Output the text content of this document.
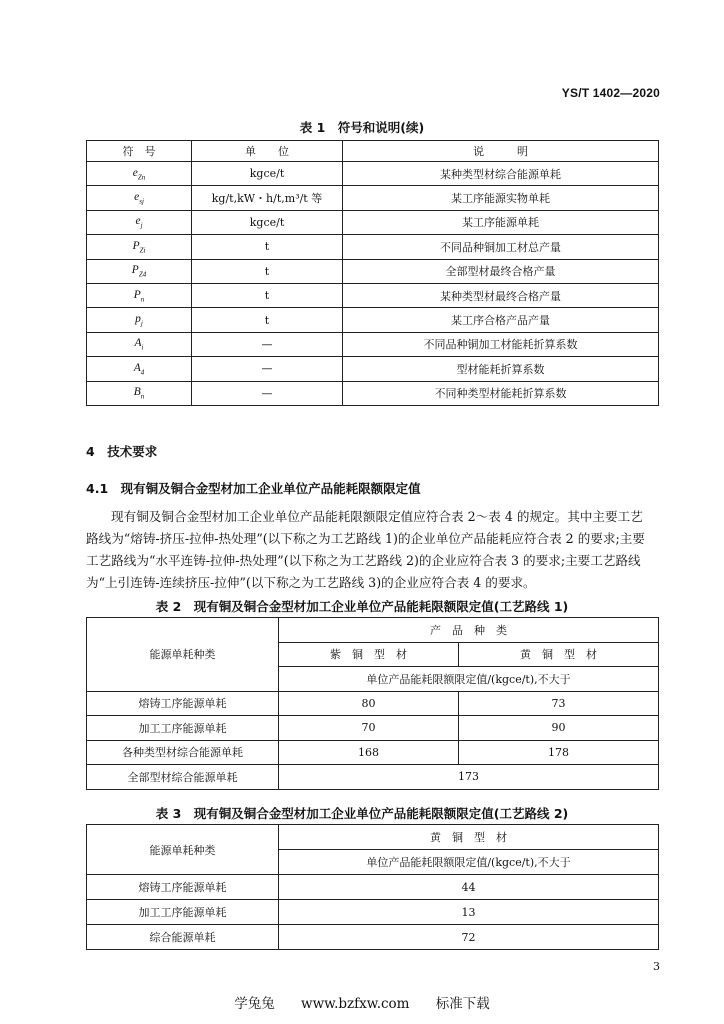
YS/T 1402—2020
表 1　符号和说明(续)
符　号	单　　位	说　　　明
$e_{Zn}$	kgce/t	某种类型材综合能源单耗
$e_{sj}$	kg/t,kW・h/t,m³/t 等	某工序能源实物单耗
$e_j$	kgce/t	某工序能源单耗
$P_{Zi}$	t	不同品种铜加工材总产量
$P_{Z4}$	t	全部型材最终合格产量
$P_n$	t	某种类型材最终合格产量
$p_j$	t	某工序合格产品产量
$A_i$	—	不同品种铜加工材能耗折算系数
$A_4$	—	型材能耗折算系数
$B_n$	—	不同种类型材能耗折算系数
4　技术要求
4.1　现有铜及铜合金型材加工企业单位产品能耗限额限定值
现有铜及铜合金型材加工企业单位产品能耗限额限定值应符合表 2～表 4 的规定。其中主要工艺
路线为“熔铸-挤压-拉伸-热处理”(以下称之为工艺路线 1)的企业单位产品能耗应符合表 2 的要求;主要
工艺路线为“水平连铸-拉伸-热处理”(以下称之为工艺路线 2)的企业应符合表 3 的要求;主要工艺路线
为“上引连铸-连续挤压-拉伸”(以下称之为工艺路线 3)的企业应符合表 4 的要求。
表 2　现有铜及铜合金型材加工企业单位产品能耗限额限定值(工艺路线 1)
能源单耗种类	产　品　种　类	
	紫　铜　型　材	黄　铜　型　材
	单位产品能耗限额限定值/(kgce/t),不大于	
熔铸工序能源单耗	80	73
加工工序能源单耗	70	90
各种类型材综合能源单耗	168	178
全部型材综合能源单耗	173	
表 3　现有铜及铜合金型材加工企业单位产品能耗限额限定值(工艺路线 2)
能源单耗种类	黄　铜　型　材
	单位产品能耗限额限定值/(kgce/t),不大于
熔铸工序能源单耗	44
加工工序能源单耗	13
综合能源单耗	72
3
学兔兔 www.bzfxw.com 标准下载
